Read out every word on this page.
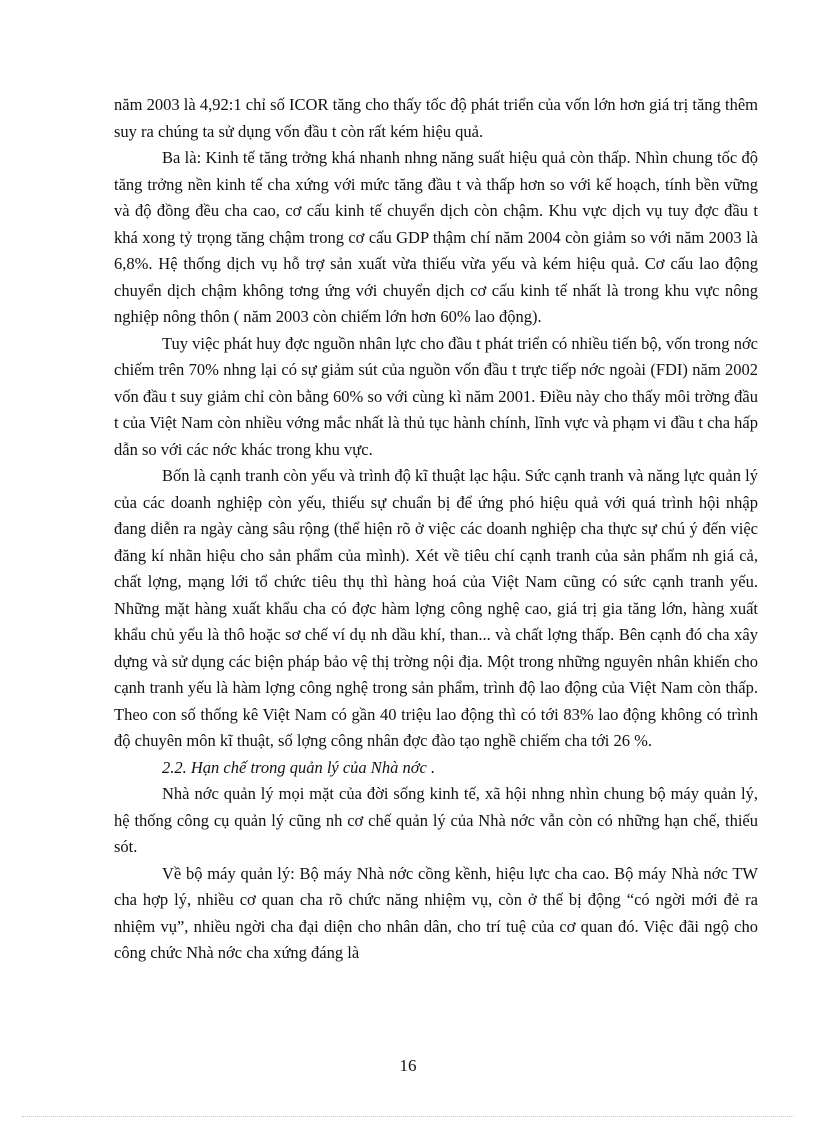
năm 2003 là 4,92:1 chỉ số ICOR tăng cho thấy tốc độ phát triển của vốn lớn hơn giá trị tăng thêm suy ra chúng ta sử dụng vốn đầu t còn rất kém hiệu quả.

Ba là: Kinh tế tăng trởng khá nhanh nhng năng suất hiệu quả còn thấp. Nhìn chung tốc độ tăng trởng nền kinh tế cha xứng với mức tăng đầu t và thấp hơn so với kế hoạch, tính bền vững và độ đồng đều cha cao, cơ cấu kinh tế chuyển dịch còn chậm. Khu vực dịch vụ tuy đợc đầu t khá xong tỷ trọng tăng chậm trong cơ cấu GDP thậm chí năm 2004 còn giảm so với năm 2003 là 6,8%. Hệ thống dịch vụ hỗ trợ sản xuất vừa thiếu vừa yếu và kém hiệu quả. Cơ cấu lao động chuyển dịch chậm không tơng ứng với chuyển dịch cơ cấu kinh tế nhất là trong khu vực nông nghiệp nông thôn ( năm 2003 còn chiếm lớn hơn 60% lao động).

Tuy việc phát huy đợc nguồn nhân lực cho đầu t phát triển có nhiều tiến bộ, vốn trong nớc chiếm trên 70% nhng lại có sự giảm sút của nguồn vốn đầu t trực tiếp nớc ngoài (FDI) năm 2002 vốn đầu t suy giảm chỉ còn bằng 60% so với cùng kì năm 2001. Điều này cho thấy môi trờng đầu t của Việt Nam còn nhiều vớng mắc nhất là thủ tục hành chính, lĩnh vực và phạm vi đầu t cha hấp dẫn so với các nớc khác trong khu vực.

Bốn là cạnh tranh còn yếu và trình độ kĩ thuật lạc hậu. Sức cạnh tranh và năng lực quản lý của các doanh nghiệp còn yếu, thiếu sự chuẩn bị để ứng phó hiệu quả với quá trình hội nhập đang diễn ra ngày càng sâu rộng (thể hiện rõ ở việc các doanh nghiệp cha thực sự chú ý đến việc đăng kí nhãn hiệu cho sản phẩm của mình). Xét về tiêu chí cạnh tranh của sản phẩm nh giá cả, chất lợng, mạng lới tổ chức tiêu thụ thì hàng hoá của Việt Nam cũng có sức cạnh tranh yếu. Những mặt hàng xuất khẩu cha có đợc hàm lợng công nghệ cao, giá trị gia tăng lớn, hàng xuất khẩu chủ yếu là thô hoặc sơ chế ví dụ nh dầu khí, than... và chất lợng thấp. Bên cạnh đó cha xây dựng và sử dụng các biện pháp bảo vệ thị trờng nội địa. Một trong những nguyên nhân khiến cho cạnh tranh yếu là hàm lợng công nghệ trong sản phẩm, trình độ lao động của Việt Nam còn thấp. Theo con số thống kê Việt Nam có gần 40 triệu lao động thì có tới 83% lao động không có trình độ chuyên môn kĩ thuật, số lợng công nhân đợc đào tạo nghề chiếm cha tới 26 %.

2.2. Hạn chế trong quản lý của Nhà nớc .

Nhà nớc quản lý mọi mặt của đời sống kinh tế, xã hội nhng nhìn chung bộ máy quản lý, hệ thống công cụ quản lý cũng nh cơ chế quản lý của Nhà nớc vẫn còn có những hạn chế, thiếu sót.

Về bộ máy quản lý: Bộ máy Nhà nớc cồng kềnh, hiệu lực cha cao. Bộ máy Nhà nớc TW cha hợp lý, nhiều cơ quan cha rõ chức năng nhiệm vụ, còn ở thế bị động “có ngời mới đẻ ra nhiệm vụ”, nhiều ngời cha đại diện cho nhân dân, cho trí tuệ của cơ quan đó. Việc đãi ngộ cho công chức Nhà nớc cha xứng đáng là

16
